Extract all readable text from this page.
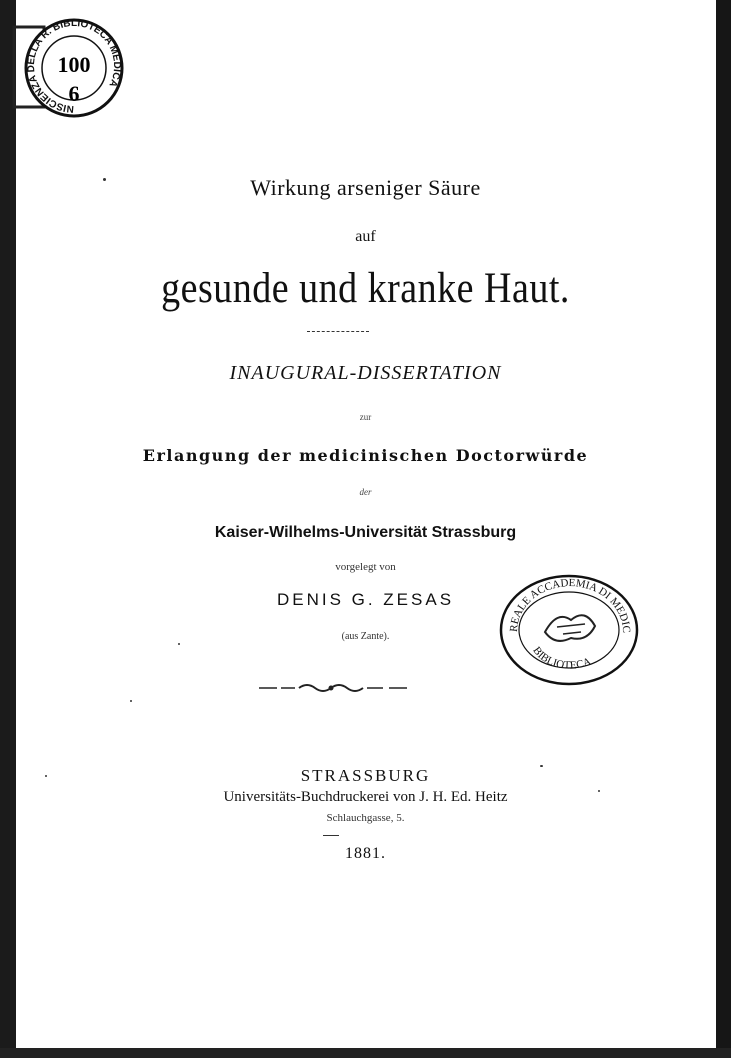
100
6
NISCIENZA DELLA R. BIBLIOTECA MEDICA
Wirkung arseniger Säure
auf
gesunde und kranke Haut.
INAUGURAL-DISSERTATION
zur
Erlangung der medicinischen Doctorwürde
der
Kaiser-Wilhelms-Universität Strassburg
vorgelegt von
DENIS G. ZESAS
(aus Zante).
REALE ACCADEMIA DI MEDIC
BIBLIOTECA
STRASSBURG
Universitäts-Buchdruckerei von J. H. Ed. Heitz
Schlauchgasse, 5.
1881.
